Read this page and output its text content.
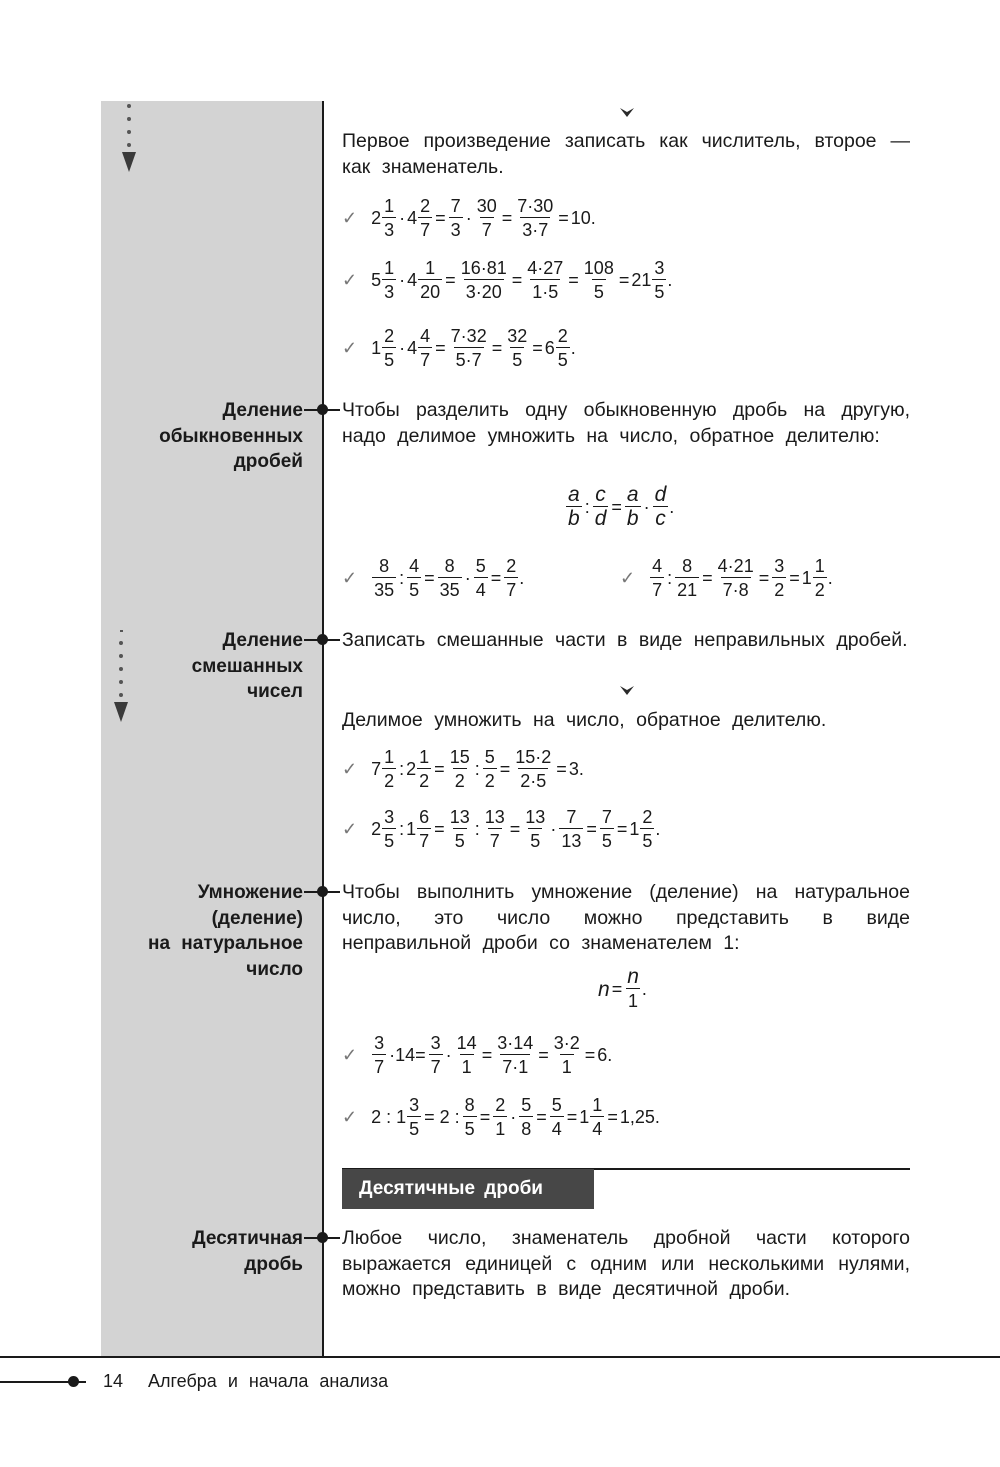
Первое произведение записать как числитель, второе — как знаменатель.
✓ $2 \frac{1}{3} \cdot 4 \frac{2}{7} = \frac{7}{3} \cdot \frac{30}{7} = \frac{7\cdot 30}{3\cdot 7} = 10$.
✓ $5 \frac{1}{3} \cdot 4 \frac{1}{20} = \frac{16\cdot 81}{3\cdot 20} = \frac{4\cdot 27}{1\cdot 5} = \frac{108}{5} = 21 \frac{3}{5}$ .
✓ $1 \frac{2}{5} \cdot 4 \frac{4}{7} = \frac{7\cdot 32}{5\cdot 7} = \frac{32}{5} = 6 \frac{2}{5}$ .
Деление
обыкновенных
дробей
Чтобы разделить одну обыкновенную дробь на другую, надо делимое умножить на число, обратное делителю:
$\frac{a}{b}$ : $\frac{c}{d} = \frac{a}{b} \cdot \frac{d}{c}$ .
✓ $\frac{8}{35}$ : $\frac{4}{5} = \frac{8}{35} \cdot \frac{5}{4} = \frac{2}{7}$ .	✓ $\frac{4}{7}$ : $\frac{8}{21} = \frac{4\cdot 21}{7\cdot 8} = \frac{3}{2} = 1 \frac{1}{2}$ .
Деление
смешанных
чисел
Записать смешанные части в виде неправильных дробей.
Делимое умножить на число, обратное делителю.
✓ $7 \frac{1}{2}$ : $2 \frac{1}{2} = \frac{15}{2}$ : $\frac{5}{2} = \frac{15\cdot 2}{2\cdot 5} = 3$.
✓ $2 \frac{3}{5}$ : $1 \frac{6}{7} = \frac{13}{5}$ : $\frac{13}{7} = \frac{13}{5} \cdot \frac{7}{13} = \frac{7}{5} = 1 \frac{2}{5}$ .
Умножение
(деление)
на натуральное
число
Чтобы выполнить умножение (деление) на натуральное число, это число можно представить в виде неправильной дроби со знаменателем 1:
$n = \frac{n}{1}$ .
✓ $\frac{3}{7} \cdot 14= \frac{3}{7} \cdot \frac{14}{1} = \frac{3\cdot 14}{7\cdot 1} = \frac{3\cdot 2}{1} = 6$.
✓ 2 : $1 \frac{3}{5} = 2$ : $\frac{8}{5} = \frac{2}{1} \cdot \frac{5}{8} = \frac{5}{4} = 1 \frac{1}{4} = 1,25$.
Десятичные дроби
Десятичная
дробь
Любое число, знаменатель дробной части которого выражается единицей с одним или несколькими нулями, можно представить в виде десятичной дроби.
14 Алгебра и начала анализа
